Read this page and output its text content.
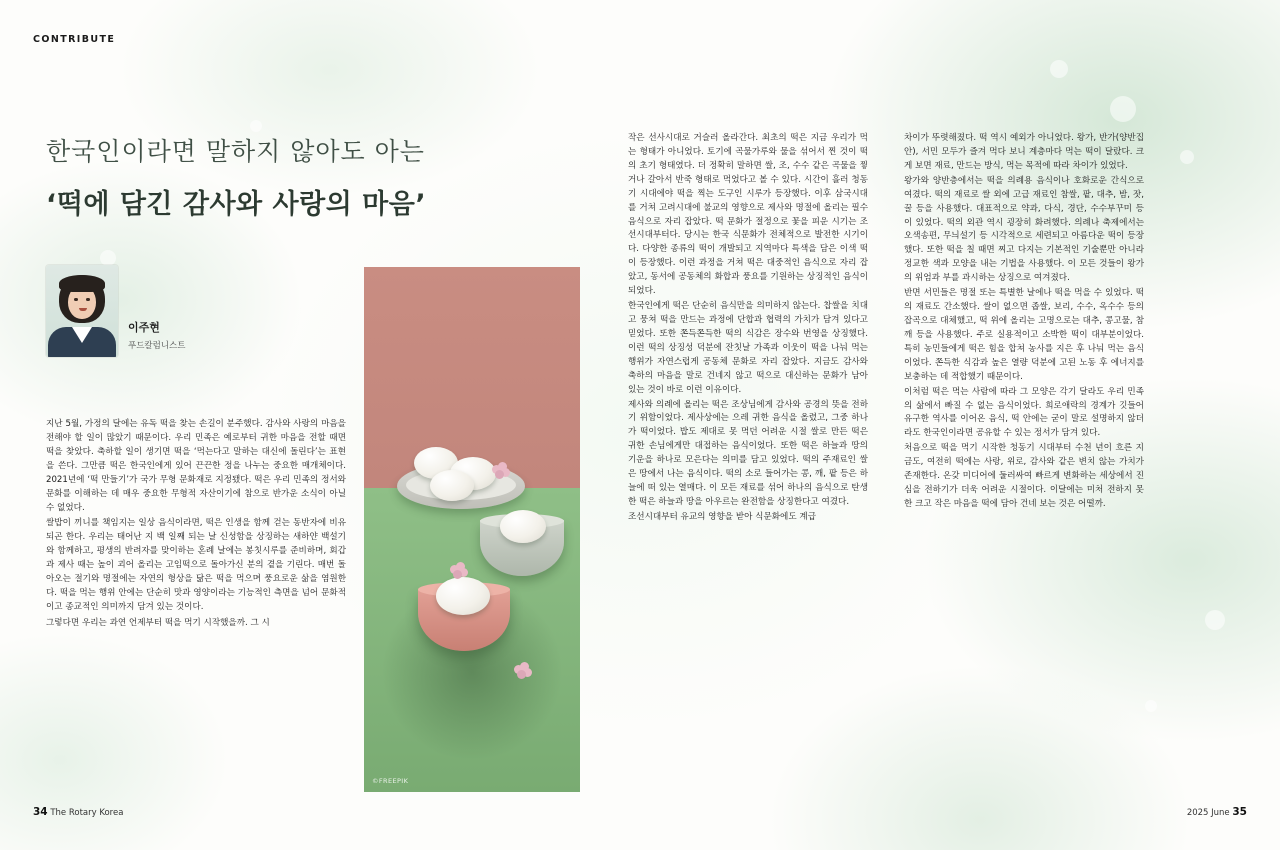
CONTRIBUTE
한국인이라면 말하지 않아도 아는
‘떡에 담긴 감사와 사랑의 마음’
이주현
푸드칼럼니스트
©FREEPIK

지난 5월, 가정의 달에는 유독 떡을 찾는 손길이 분주했다. 감사와 사랑의 마음을 전해야 할 일이 많았기 때문이다. 우리 민족은 예로부터 귀한 마음을 전할 때면 떡을 찾았다. 축하할 일이 생기면 떡을 ‘먹는다고 말하는 대신에 돌린다’는 표현을 쓴다. 그만큼 떡은 한국인에게 있어 끈끈한 정을 나누는 중요한 매개체이다. 2021년에 ‘떡 만들기’가 국가 무형 문화재로 지정됐다. 떡은 우리 민족의 정서와 문화를 이해하는 데 매우 중요한 무형적 자산이기에 참으로 반가운 소식이 아닐 수 없었다.

쌀밥이 끼니를 책임지는 일상 음식이라면, 떡은 인생을 함께 걷는 동반자에 비유되곤 한다. 우리는 태어난 지 백 일째 되는 날 신성함을 상징하는 새하얀 백설기와 함께하고, 평생의 반려자를 맞이하는 혼례 날에는 봉칫시루를 준비하며, 회갑과 제사 때는 높이 괴어 올리는 고임떡으로 돌아가신 분의 곁을 기린다. 매번 돌아오는 절기와 명절에는 자연의 형상을 닮은 떡을 먹으며 풍요로운 삶을 염원한다. 떡을 먹는 행위 안에는 단순히 맛과 영양이라는 기능적인 측면을 넘어 문화적이고 종교적인 의미까지 담겨 있는 것이다.

그렇다면 우리는 과연 언제부터 떡을 먹기 시작했을까. 그 시

작은 선사시대로 거슬러 올라간다. 최초의 떡은 지금 우리가 먹는 형태가 아니었다. 토기에 곡물가루와 물을 섞어서 찐 것이 떡의 초기 형태였다. 더 정확히 말하면 쌀, 조, 수수 같은 곡물을 찧거나 갈아서 반죽 형태로 먹었다고 볼 수 있다. 시간이 흘러 청동기 시대에야 떡을 찍는 도구인 시루가 등장했다. 이후 삼국시대를 거쳐 고려시대에 불교의 영향으로 제사와 명절에 올리는 필수 음식으로 자리 잡았다. 떡 문화가 절정으로 꽃을 피운 시기는 조선시대부터다. 당시는 한국 식문화가 전체적으로 발전한 시기이다. 다양한 종류의 떡이 개발되고 지역마다 특색을 담은 이색 떡이 등장했다. 이런 과정을 거쳐 떡은 대중적인 음식으로 자리 잡았고, 동서에 공동체의 화합과 풍요를 기원하는 상징적인 음식이 되었다.

한국인에게 떡은 단순히 음식만을 의미하지 않는다. 찹쌀을 치대고 뭉쳐 떡을 만드는 과정에 단합과 협력의 가치가 담겨 있다고 믿었다. 또한 쫀득쫀득한 떡의 식감은 장수와 번영을 상징했다. 이런 떡의 상징성 덕분에 잔칫날 가족과 이웃이 떡을 나눠 먹는 행위가 자연스럽게 공동체 문화로 자리 잡았다. 지금도 감사와 축하의 마음을 말로 건네지 않고 떡으로 대신하는 문화가 남아 있는 것이 바로 이런 이유이다.

제사와 의례에 올리는 떡은 조상님에게 감사와 공경의 뜻을 전하기 위함이었다. 제사상에는 으레 귀한 음식을 올렸고, 그중 하나가 떡이었다. 밥도 제대로 못 먹던 어려운 시절 쌀로 만든 떡은 귀한 손님에게만 대접하는 음식이었다. 또한 떡은 하늘과 땅의 기운을 하나로 모은다는 의미를 담고 있었다. 떡의 주재료인 쌀은 땅에서 나는 음식이다. 떡의 소로 들어가는 콩, 깨, 팥 등은 하늘에 떠 있는 열매다. 이 모든 재료를 섞어 하나의 음식으로 탄생한 떡은 하늘과 땅을 아우르는 완전함을 상징한다고 여겼다.

조선시대부터 유교의 영향을 받아 식문화에도 계급

차이가 뚜렷해졌다. 떡 역시 예외가 아니었다. 왕가, 반가(양반집안), 서민 모두가 즐겨 먹다 보니 계층마다 먹는 떡이 달랐다. 크게 보면 재료, 만드는 방식, 먹는 목적에 따라 차이가 있었다.

왕가와 양반층에서는 떡을 의례용 음식이나 호화로운 간식으로 여겼다. 떡의 재료로 쌀 외에 고급 재료인 참쌀, 팥, 대추, 밤, 잣, 꿀 등을 사용했다. 대표적으로 약과, 다식, 경단, 수수부꾸미 등이 있었다. 떡의 외관 역시 굉장히 화려했다. 의례나 축제에서는 오색송편, 무늬설기 등 시각적으로 세련되고 아름다운 떡이 등장했다. 또한 떡을 칠 때면 찌고 다지는 기본적인 기술뿐만 아니라 정교한 색과 모양을 내는 기법을 사용했다. 이 모든 것들이 왕가의 위엄과 부를 과시하는 상징으로 여겨졌다.

반면 서민들은 명절 또는 특별한 날에나 떡을 먹을 수 있었다. 떡의 재료도 간소했다. 쌀이 없으면 좁쌀, 보리, 수수, 옥수수 등의 잡곡으로 대체했고, 떡 위에 올리는 고명으로는 대추, 콩고물, 참깨 등을 사용했다. 주로 실용적이고 소박한 떡이 대부분이었다. 특히 농민들에게 떡은 힘을 합쳐 농사를 지은 후 나눠 먹는 음식이었다. 쫀득한 식감과 높은 열량 덕분에 고된 노동 후 에너지를 보충하는 데 적합했기 때문이다.

이처럼 떡은 먹는 사람에 따라 그 모양은 각기 달라도 우리 민족의 삶에서 빠질 수 없는 음식이었다. 희로애락의 경계가 깃들어 유구한 역사를 이어온 음식, 떡 안에는 굳이 말로 설명하지 않더라도 한국인이라면 공유할 수 있는 정서가 담겨 있다.

처음으로 떡을 먹기 시작한 청동기 시대부터 수천 년이 흐른 지금도, 여전히 떡에는 사랑, 위로, 감사와 같은 변치 않는 가치가 존재한다. 온갖 미디어에 둘러싸여 빠르게 변화하는 세상에서 진심을 전하기가 더욱 어려운 시절이다. 이달에는 미처 전하지 못한 크고 작은 마음을 떡에 담아 건네 보는 것은 어떨까.

34 The Rotary Korea	2025 June 35
